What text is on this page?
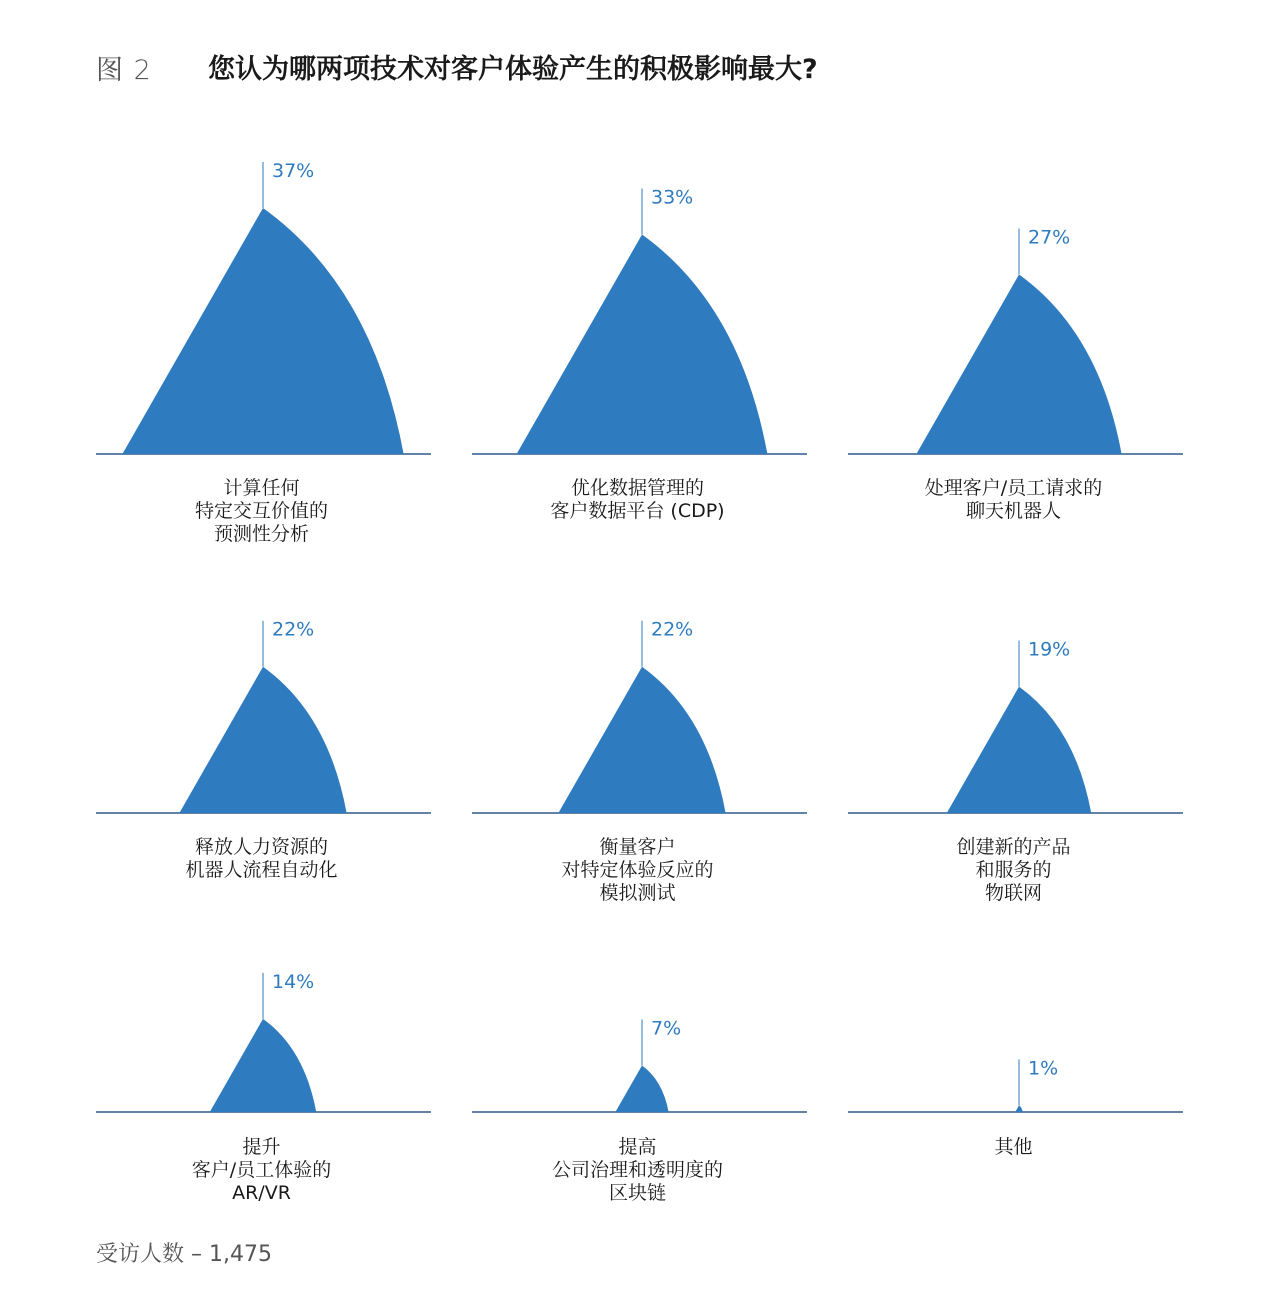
图 2 您认为哪两项技术对客户体验产生的积极影响最大?
37%
计算任何
特定交互价值的
预测性分析
33%
优化数据管理的
客户数据平台 (CDP)
27%
处理客户/员工请求的
聊天机器人
22%
释放人力资源的
机器人流程自动化
22%
衡量客户
对特定体验反应的
模拟测试
19%
创建新的产品
和服务的
物联网
14%
提升
客户/员工体验的
AR/VR
7%
提高
公司治理和透明度的
区块链
1%
其他
受访人数 – 1,475
